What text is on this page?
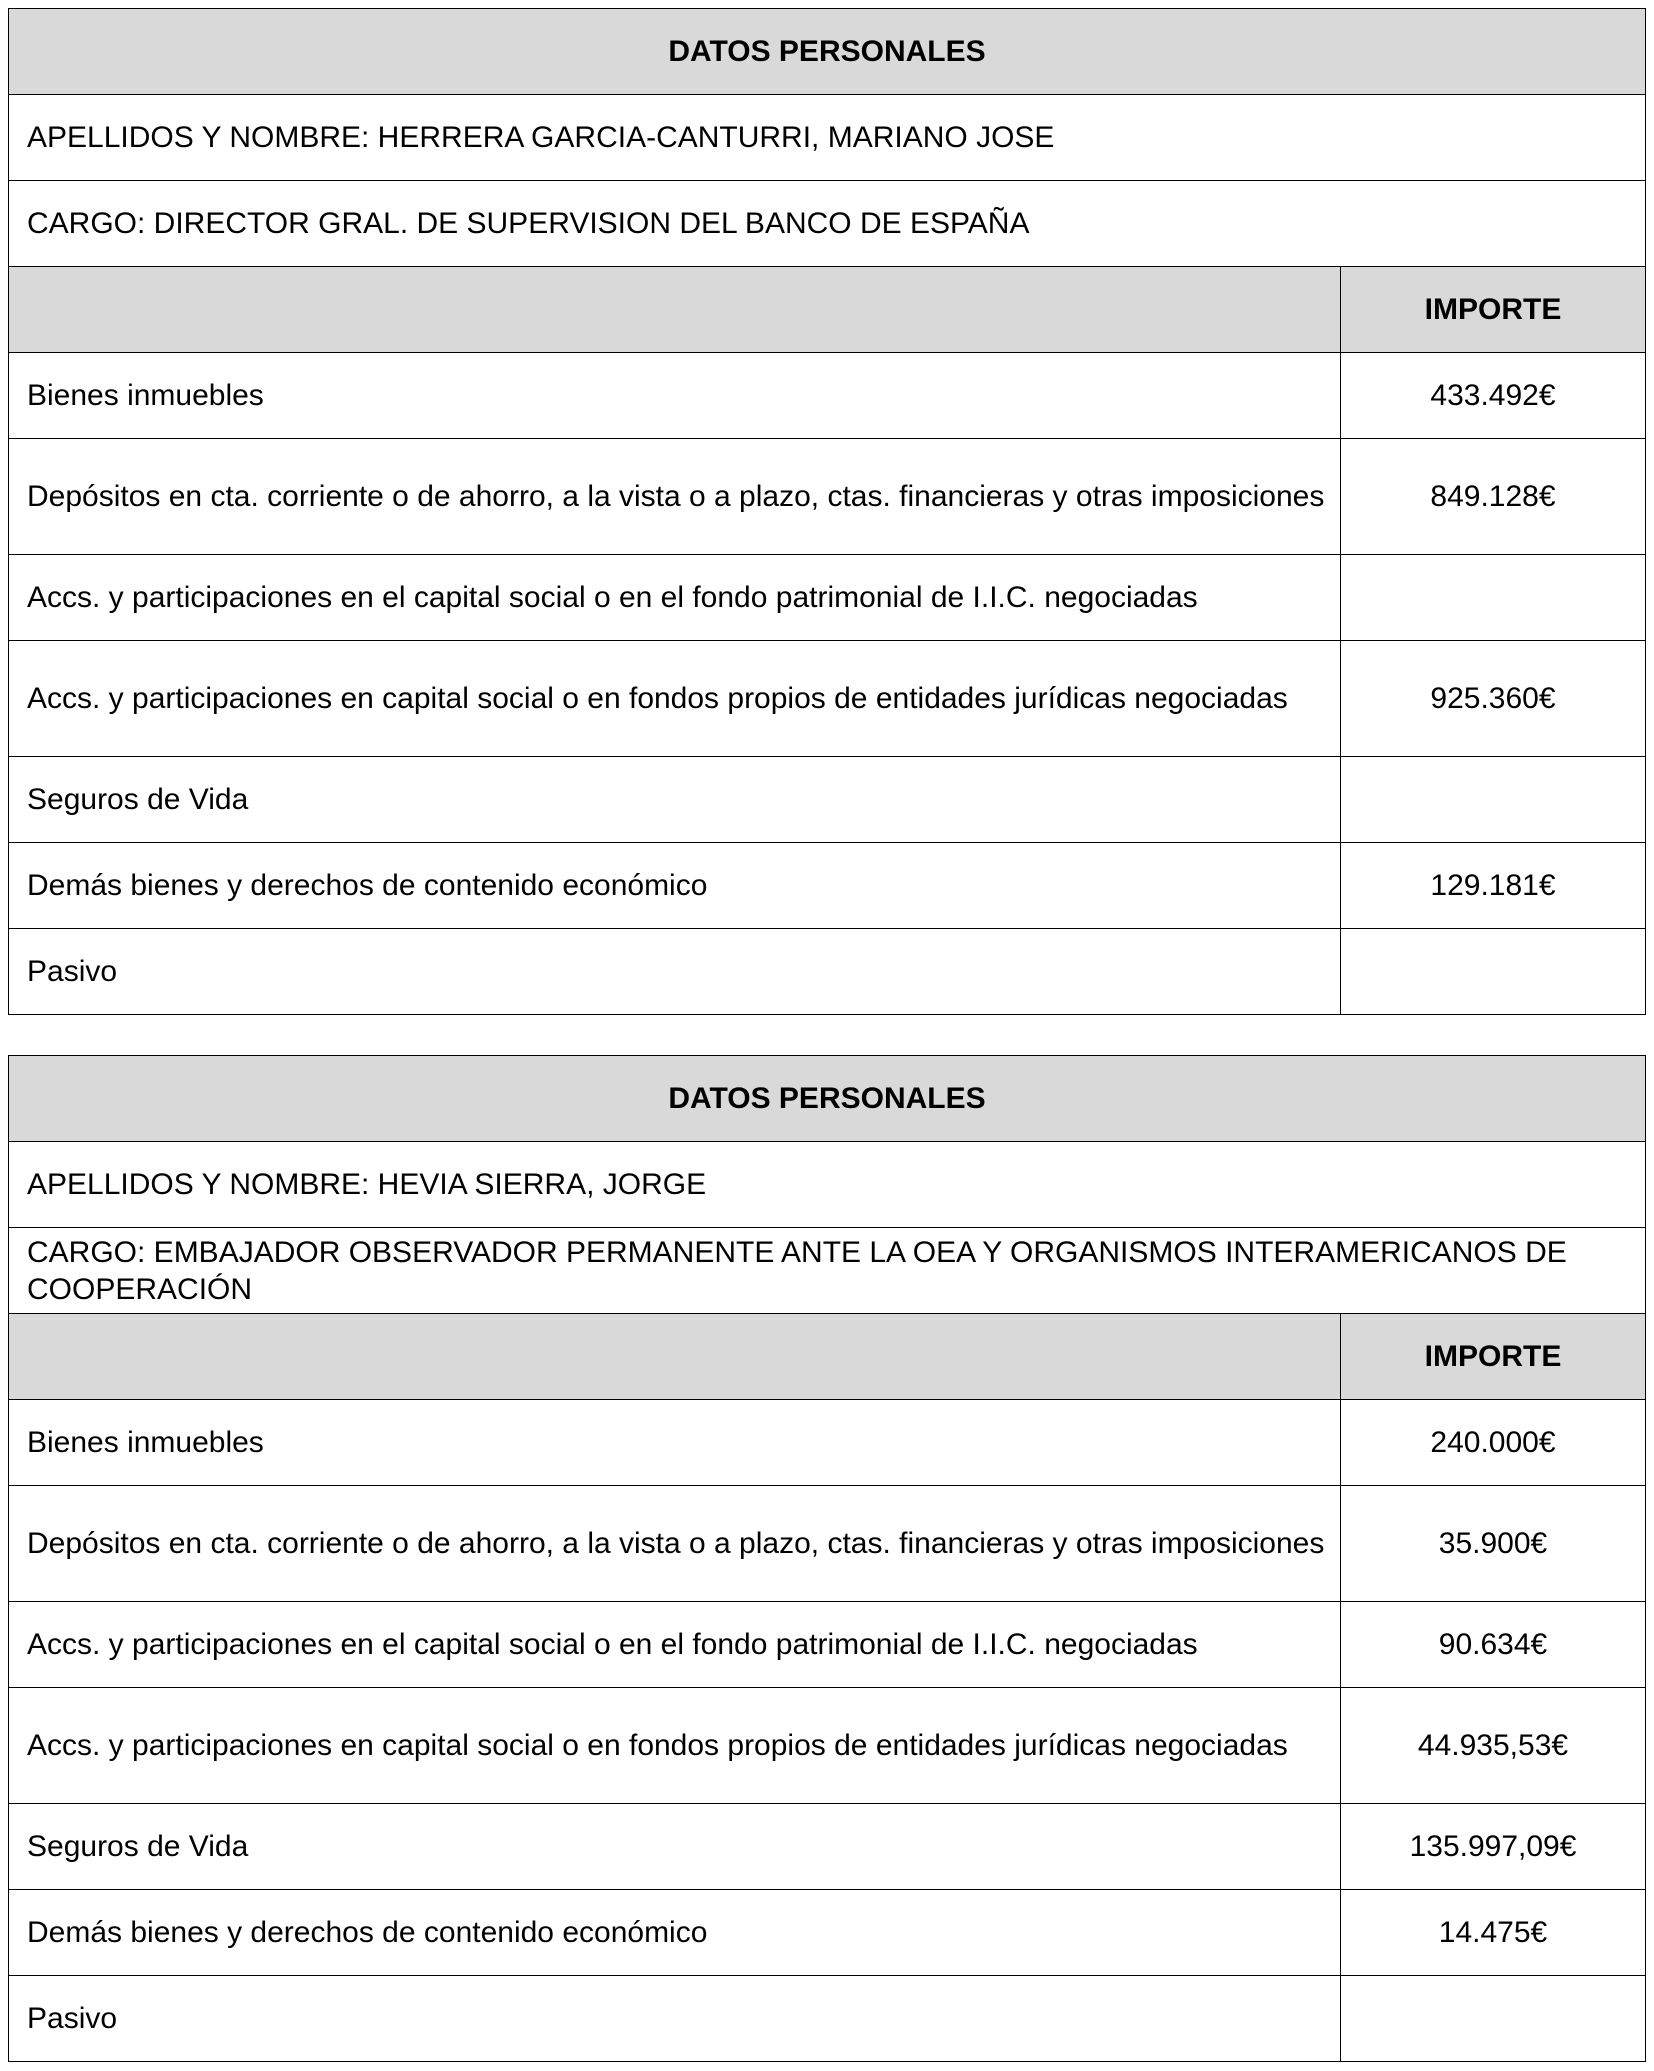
DATOS PERSONALES	
APELLIDOS Y NOMBRE: HERRERA GARCIA-CANTURRI, MARIANO JOSE	
CARGO: DIRECTOR GRAL. DE SUPERVISION DEL BANCO DE ESPAÑA	
	IMPORTE
Bienes inmuebles	433.492€
Depósitos en cta. corriente o de ahorro, a la vista o a plazo, ctas. financieras y otras imposiciones	849.128€
Accs. y participaciones en el capital social o en el fondo patrimonial de I.I.C. negociadas	
Accs. y participaciones en capital social o en fondos propios de entidades jurídicas negociadas	925.360€
Seguros de Vida	
Demás bienes y derechos de contenido económico	129.181€
Pasivo	
DATOS PERSONALES	
APELLIDOS Y NOMBRE: HEVIA SIERRA, JORGE	
CARGO: EMBAJADOR OBSERVADOR PERMANENTE ANTE LA OEA Y ORGANISMOS INTERAMERICANOS DE COOPERACIÓN	
	IMPORTE
Bienes inmuebles	240.000€
Depósitos en cta. corriente o de ahorro, a la vista o a plazo, ctas. financieras y otras imposiciones	35.900€
Accs. y participaciones en el capital social o en el fondo patrimonial de I.I.C. negociadas	90.634€
Accs. y participaciones en capital social o en fondos propios de entidades jurídicas negociadas	44.935,53€
Seguros de Vida	135.997,09€
Demás bienes y derechos de contenido económico	14.475€
Pasivo	
